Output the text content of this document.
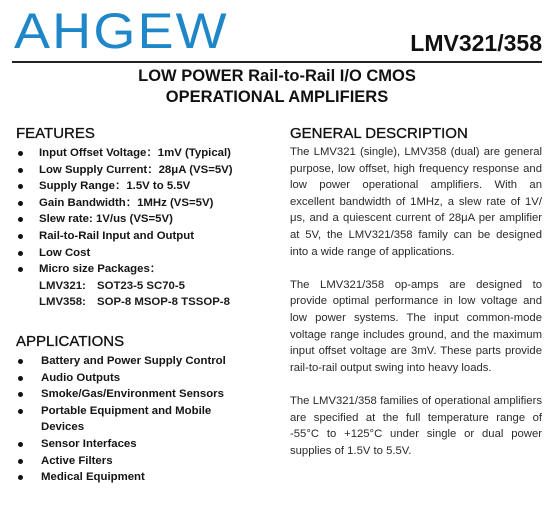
AHGEW	LMV321/358
LOW POWER Rail-to-Rail I/O CMOS
OPERATIONAL AMPLIFIERS
FEATURES
Input Offset Voltage：1mV (Typical)
Low Supply Current：28μA (VS=5V)
Supply Range：1.5V to 5.5V
Gain Bandwidth：1MHz (VS=5V)
Slew rate: 1V/us (VS=5V)
Rail-to-Rail Input and Output
Low Cost
Micro size Packages：
LMV321: SOT23-5 SC70-5
LMV358: SOP-8 MSOP-8 TSSOP-8
APPLICATIONS
Battery and Power Supply Control
Audio Outputs
Smoke/Gas/Environment Sensors
Portable Equipment and Mobile
Devices
Sensor Interfaces
Active Filters
Medical Equipment
GENERAL DESCRIPTION

The LMV321 (single), LMV358 (dual) are general purpose, low offset, high frequency response and low power operational amplifiers. With an excellent bandwidth of 1MHz, a slew rate of 1V/μs, and a quiescent current of 28μA per amplifier at 5V, the LMV321/358 family can be designed into a wide range of applications.

The LMV321/358 op-amps are designed to provide optimal performance in low voltage and low power systems. The input common-mode voltage range includes ground, and the maximum input offset voltage are 3mV. These parts provide rail-to-rail output swing into heavy loads.

The LMV321/358 families of operational amplifiers are specified at the full temperature range of -55°C to +125°C under single or dual power supplies of 1.5V to 5.5V.
